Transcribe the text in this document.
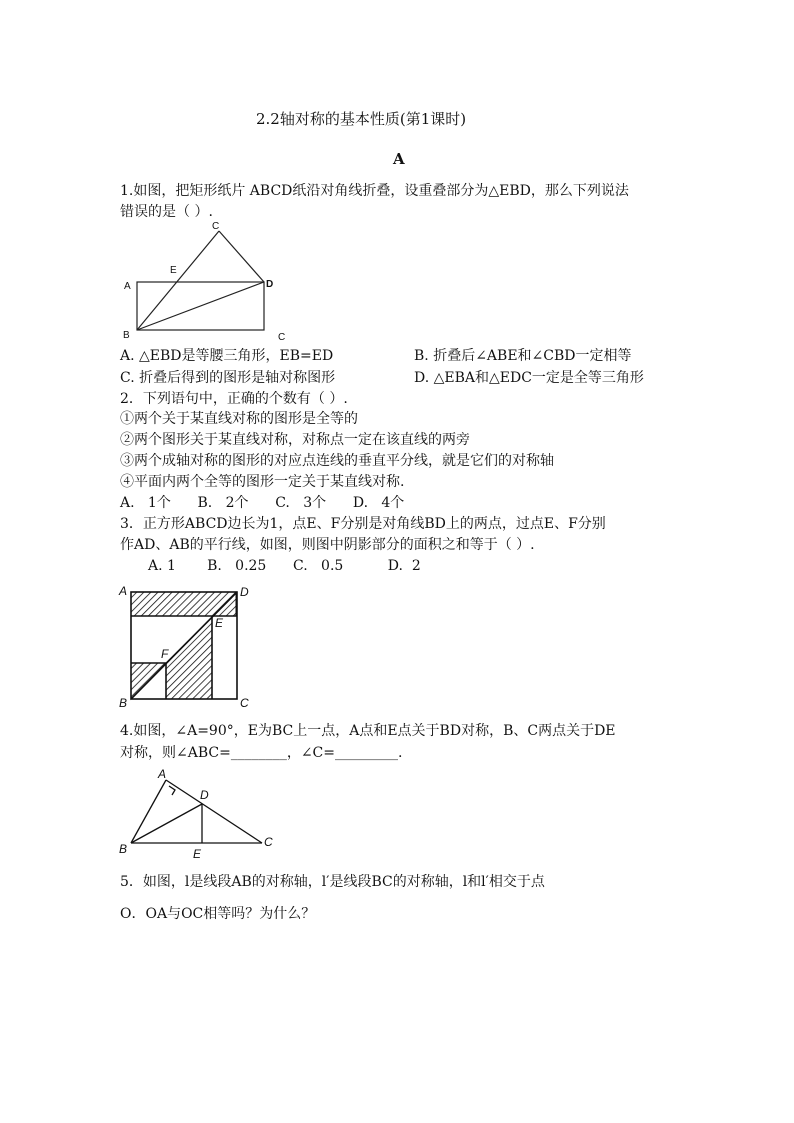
2.2轴对称的基本性质(第1课时)
A
1.如图，把矩形纸片 ABCD纸沿对角线折叠，设重叠部分为△EBD，那么下列说法
错误的是（ ）.
C
E
A	D
B	C
A. △EBD是等腰三角形，EB=ED	B. 折叠后∠ABE和∠CBD一定相等
C. 折叠后得到的图形是轴对称图形	D. △EBA和△EDC一定是全等三角形
2．下列语句中，正确的个数有（ ）.
①两个关于某直线对称的图形是全等的
②两个图形关于某直线对称，对称点一定在该直线的两旁
③两个成轴对称的图形的对应点连线的垂直平分线，就是它们的对称轴
④平面内两个全等的图形一定关于某直线对称.
A.   1个      B.   2个      C.   3个      D.   4个
3．正方形ABCD边长为1，点E、F分别是对角线BD上的两点，过点E、F分别
作AD、AB的平行线，如图，则图中阴影部分的面积之和等于（ ）.
A. 1       B.   0.25      C.   0.5          D.  2
A	D
E
F
B	C
4.如图，∠A=90°，E为BC上一点，A点和E点关于BD对称，B、C两点关于DE
对称，则∠ABC=________，∠C=_________.
A
D
B	C
E
5．如图，l是线段AB的对称轴，l′是线段BC的对称轴，l和l′相交于点
O．OA与OC相等吗？为什么？
